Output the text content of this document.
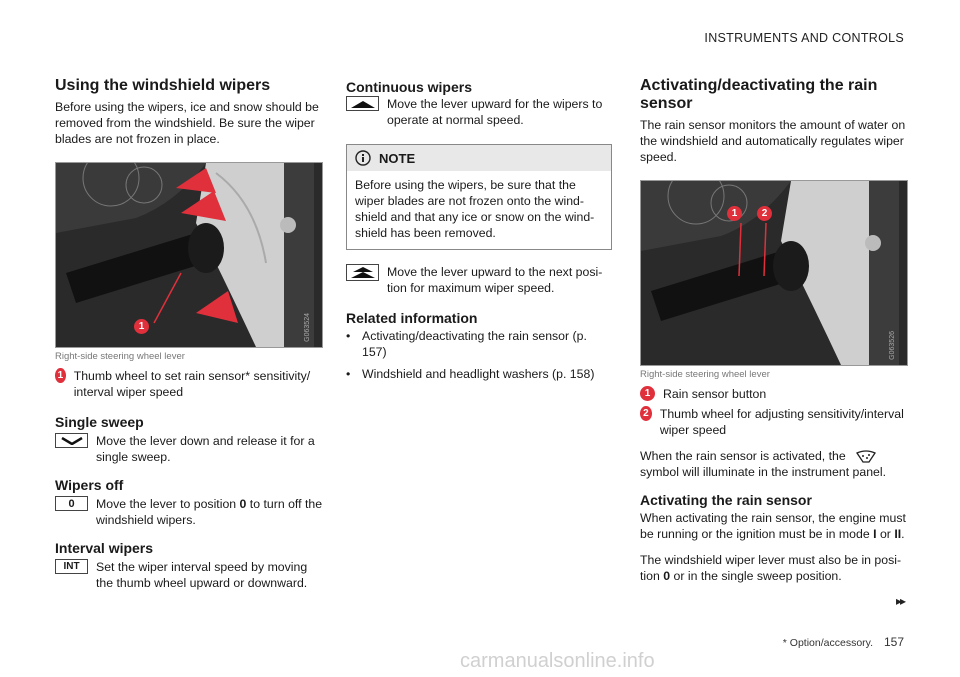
INSTRUMENTS AND CONTROLS
Using the windshield wipers

Before using the wipers, ice and snow should be removed from the windshield. Be sure the wiper blades are not frozen in place.

1	G063524
Right-side steering wheel lever
1 Thumb wheel to set rain sensor* sensitivity/ interval wiper speed

Single sweep

Move the lever down and release it for a single sweep.

Wipers off
0	Move the lever to position 0 to turn off the windshield wipers.

Interval wipers
INT	Set the wiper interval speed by moving the thumb wheel upward or downward.

Continuous wipers

Move the lever upward for the wipers to operate at normal speed.

NOTE

Before using the wipers, be sure that the wiper blades are not frozen onto the wind- shield and that any ice or snow on the wind- shield has been removed.

Move the lever upward to the next posi- tion for maximum wiper speed.

Related information
• Activating/deactivating the rain sensor (p. 157)
• Windshield and headlight washers (p. 158)
Activating/deactivating the rain sensor

The rain sensor monitors the amount of water on the windshield and automatically regulates wiper speed.

1	2
G063526
Right-side steering wheel lever
1	Rain sensor button

2 Thumb wheel for adjusting sensitivity/interval wiper speed

When the rain sensor is activated, the
symbol will illuminate in the instrument panel.

Activating the rain sensor

When activating the rain sensor, the engine must be running or the ignition must be in mode I or II.

The windshield wiper lever must also be in posi- tion 0 or in the single sweep position.

▸▸
* Option/accessory. 157
carmanualsonline.info
